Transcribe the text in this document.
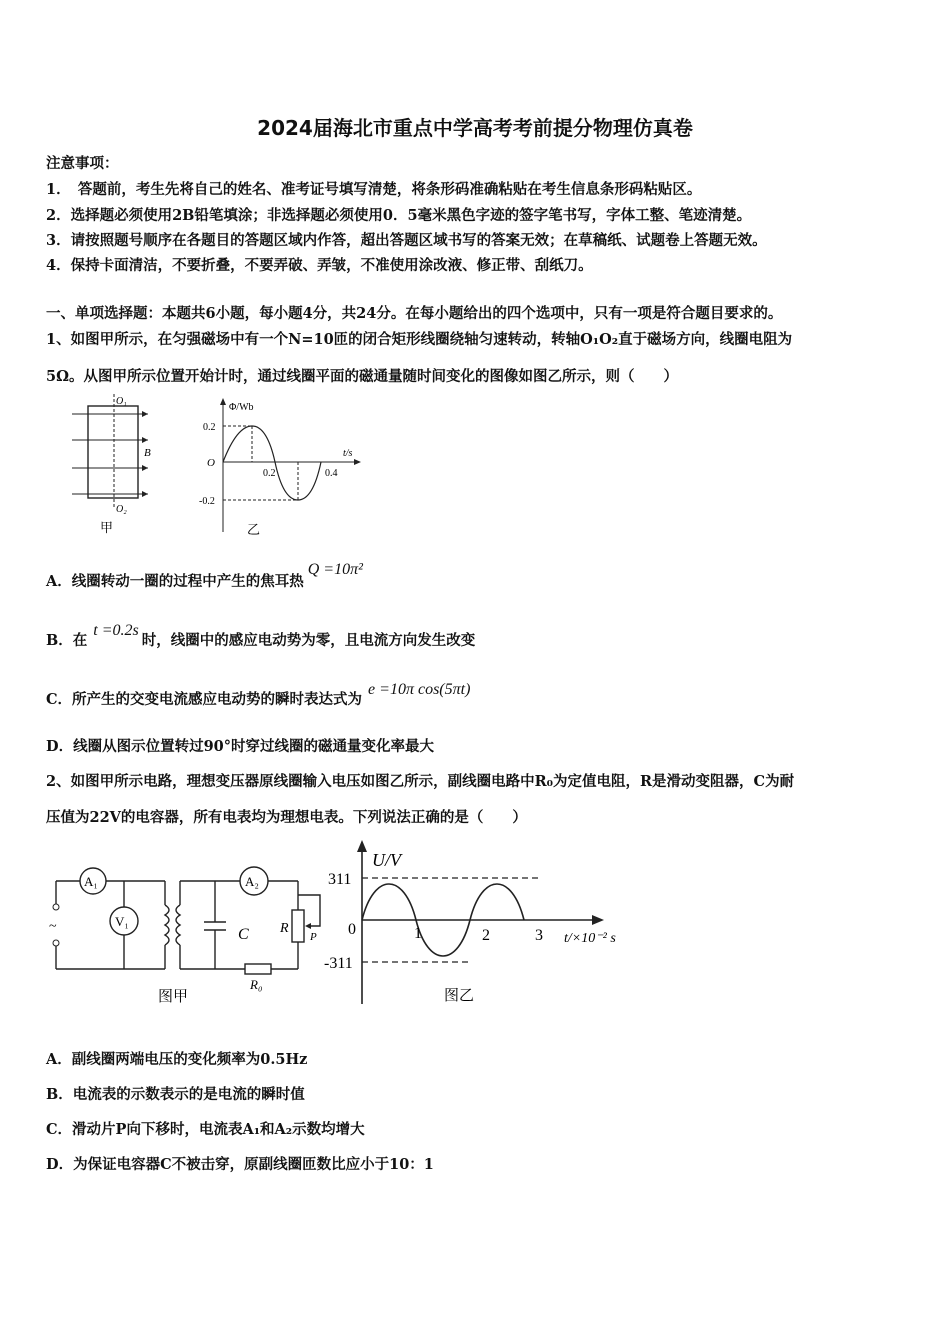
2024届海北市重点中学高考考前提分物理仿真卷
注意事项：
1．　答题前，考生先将自己的姓名、准考证号填写清楚，将条形码准确粘贴在考生信息条形码粘贴区。
2．选择题必须使用2B铅笔填涂；非选择题必须使用0．5毫米黑色字迹的签字笔书写，字体工整、笔迹清楚。
3．请按照题号顺序在各题目的答题区域内作答，超出答题区域书写的答案无效；在草稿纸、试题卷上答题无效。
4．保持卡面清洁，不要折叠，不要弄破、弄皱，不准使用涂改液、修正带、刮纸刀。
一、单项选择题：本题共6小题，每小题4分，共24分。在每小题给出的四个选项中，只有一项是符合题目要求的。
1、如图甲所示，在匀强磁场中有一个N=10匝的闭合矩形线圈绕轴匀速转动，转轴O₁O₂直于磁场方向，线圈电阻为
5Ω。从图甲所示位置开始计时，通过线圈平面的磁通量随时间变化的图像如图乙所示，则（　　）
O₁
O₂
B
甲
Φ/Wb
t/s
0.2
-0.2
O
0.2	0.4
乙
A．线圈转动一圈的过程中产生的焦耳热Q =10π²
B．在t =0.2s时，线圈中的感应电动势为零，且电流方向发生改变
C．所产生的交变电流感应电动势的瞬时表达式为e =10π cos(5πt)
D．线圈从图示位置转过90°时穿过线圈的磁通量变化率最大
2、如图甲所示电路，理想变压器原线圈输入电压如图乙所示，副线圈电路中R₀为定值电阻，R是滑动变阻器，C为耐
压值为22V的电容器，所有电表均为理想电表。下列说法正确的是（　　）
~
A₁	A₂
V₁
C R
P
R₀
图甲
U/V
311
-311
0	1	2	3 t/×10⁻² s
图乙
A．副线圈两端电压的变化频率为0.5Hz
B．电流表的示数表示的是电流的瞬时值
C．滑动片P向下移时，电流表A₁和A₂示数均增大
D．为保证电容器C不被击穿，原副线圈匝数比应小于10：1
